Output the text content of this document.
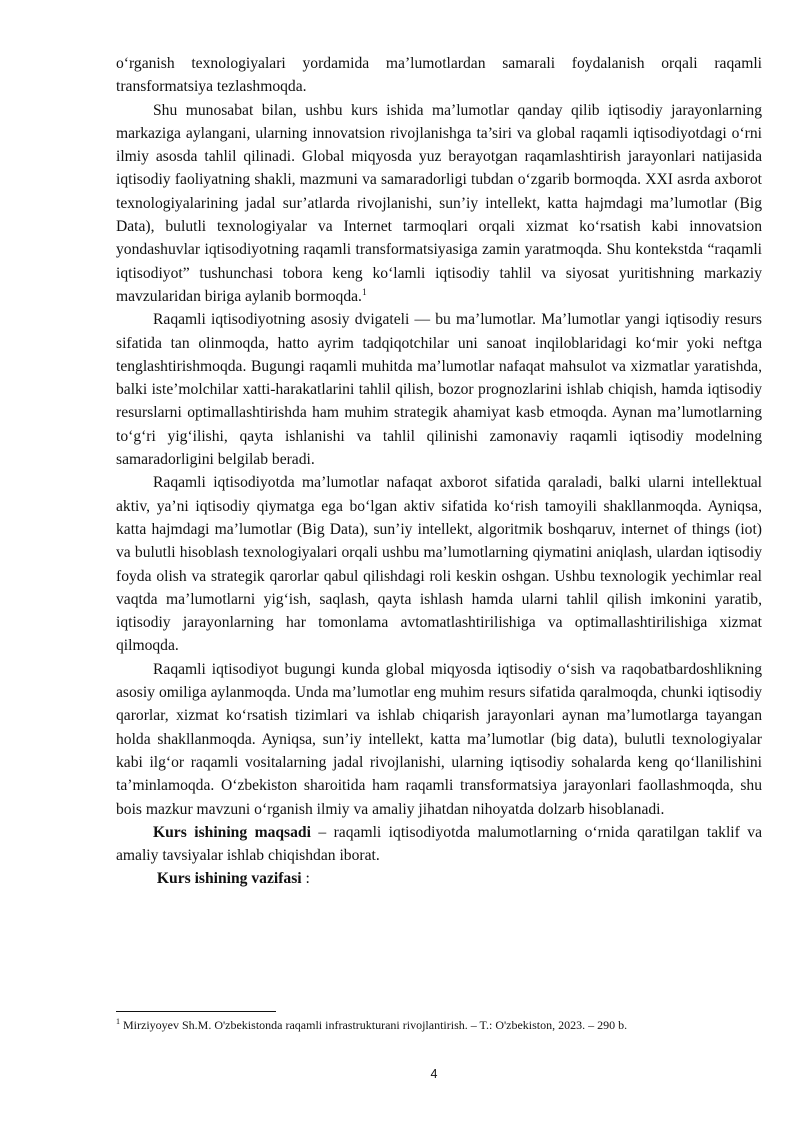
o‘rganish texnologiyalari yordamida ma’lumotlardan samarali foydalanish orqali raqamli transformatsiya tezlashmoqda.

Shu munosabat bilan, ushbu kurs ishida ma’lumotlar qanday qilib iqtisodiy jarayonlarning markaziga aylangani, ularning innovatsion rivojlanishga ta’siri va global raqamli iqtisodiyotdagi o‘rni ilmiy asosda tahlil qilinadi. Global miqyosda yuz berayotgan raqamlashtirish jarayonlari natijasida iqtisodiy faoliyatning shakli, mazmuni va samaradorligi tubdan o‘zgarib bormoqda. XXI asrda axborot texnologiyalarining jadal sur’atlarda rivojlanishi, sun’iy intellekt, katta hajmdagi ma’lumotlar (Big Data), bulutli texnologiyalar va Internet tarmoqlari orqali xizmat ko‘rsatish kabi innovatsion yondashuvlar iqtisodiyotning raqamli transformatsiyasiga zamin yaratmoqda. Shu kontekstda “raqamli iqtisodiyot” tushunchasi tobora keng ko‘lamli iqtisodiy tahlil va siyosat yuritishning markaziy mavzularidan biriga aylanib bormoqda.$^1$

Raqamli iqtisodiyotning asosiy dvigateli — bu ma’lumotlar. Ma’lumotlar yangi iqtisodiy resurs sifatida tan olinmoqda, hatto ayrim tadqiqotchilar uni sanoat inqiloblaridagi ko‘mir yoki neftga tenglashtirishmoqda. Bugungi raqamli muhitda ma’lumotlar nafaqat mahsulot va xizmatlar yaratishda, balki iste’molchilar xatti-harakatlarini tahlil qilish, bozor prognozlarini ishlab chiqish, hamda iqtisodiy resurslarni optimallashtirishda ham muhim strategik ahamiyat kasb etmoqda. Aynan ma’lumotlarning to‘g‘ri yig‘ilishi, qayta ishlanishi va tahlil qilinishi zamonaviy raqamli iqtisodiy modelning samaradorligini belgilab beradi.

Raqamli iqtisodiyotda ma’lumotlar nafaqat axborot sifatida qaraladi, balki ularni intellektual aktiv, ya’ni iqtisodiy qiymatga ega bo‘lgan aktiv sifatida ko‘rish tamoyili shakllanmoqda. Ayniqsa, katta hajmdagi ma’lumotlar (Big Data), sun’iy intellekt, algoritmik boshqaruv, internet of things (iot) va bulutli hisoblash texnologiyalari orqali ushbu ma’lumotlarning qiymatini aniqlash, ulardan iqtisodiy foyda olish va strategik qarorlar qabul qilishdagi roli keskin oshgan. Ushbu texnologik yechimlar real vaqtda ma’lumotlarni yig‘ish, saqlash, qayta ishlash hamda ularni tahlil qilish imkonini yaratib, iqtisodiy jarayonlarning har tomonlama avtomatlashtirilishiga va optimallashtirilishiga xizmat qilmoqda.

Raqamli iqtisodiyot bugungi kunda global miqyosda iqtisodiy o‘sish va raqobatbardoshlikning asosiy omiliga aylanmoqda. Unda ma’lumotlar eng muhim resurs sifatida qaralmoqda, chunki iqtisodiy qarorlar, xizmat ko‘rsatish tizimlari va ishlab chiqarish jarayonlari aynan ma’lumotlarga tayangan holda shakllanmoqda. Ayniqsa, sun’iy intellekt, katta ma’lumotlar (big data), bulutli texnologiyalar kabi ilg‘or raqamli vositalarning jadal rivojlanishi, ularning iqtisodiy sohalarda keng qo‘llanilishini ta’minlamoqda. O‘zbekiston sharoitida ham raqamli transformatsiya jarayonlari faollashmoqda, shu bois mazkur mavzuni o‘rganish ilmiy va amaliy jihatdan nihoyatda dolzarb hisoblanadi.

Kurs ishining maqsadi – raqamli iqtisodiyotda malumotlarning o‘rnida qaratilgan taklif va amaliy tavsiyalar ishlab chiqishdan iborat.

Kurs ishining vazifasi :

$^1$ Mirziyoyev Sh.M. O'zbekistonda raqamli infrastrukturani rivojlantirish. – T.: O'zbekiston, 2023. – 290 b.
4
